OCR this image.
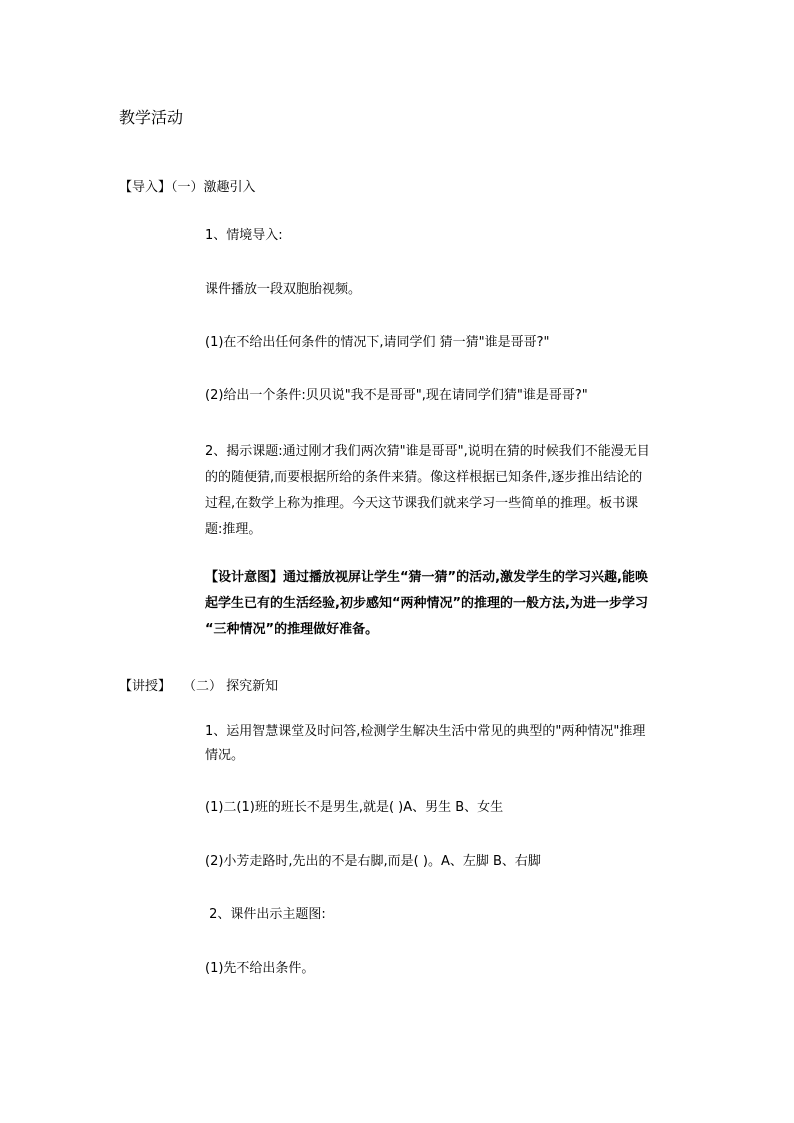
教学活动
【导入】（一）激趣引入
1、情境导入:
课件播放一段双胞胎视频。
(1)在不给出任何条件的情况下,请同学们 猜一猜"谁是哥哥?"
(2)给出一个条件:贝贝说"我不是哥哥",现在请同学们猜"谁是哥哥?"
2、揭示课题:通过刚才我们两次猜"谁是哥哥",说明在猜的时候我们不能漫无目
的的随便猜,而要根据所给的条件来猜。像这样根据已知条件,逐步推出结论的
过程,在数学上称为推理。今天这节课我们就来学习一些简单的推理。板书课
题:推理。
【设计意图】通过播放视屏让学生“猜一猜”的活动,激发学生的学习兴趣,能唤
起学生已有的生活经验,初步感知“两种情况”的推理的一般方法,为进一步学习
“三种情况”的推理做好准备。
【讲授】 （二） 探究新知
1、运用智慧课堂及时问答,检测学生解决生活中常见的典型的"两种情况"推理
情况。
(1)二(1)班的班长不是男生,就是( )A、男生 B、女生
(2)小芳走路时,先出的不是右脚,而是( )。A、左脚 B、右脚
2、课件出示主题图:
(1)先不给出条件。
